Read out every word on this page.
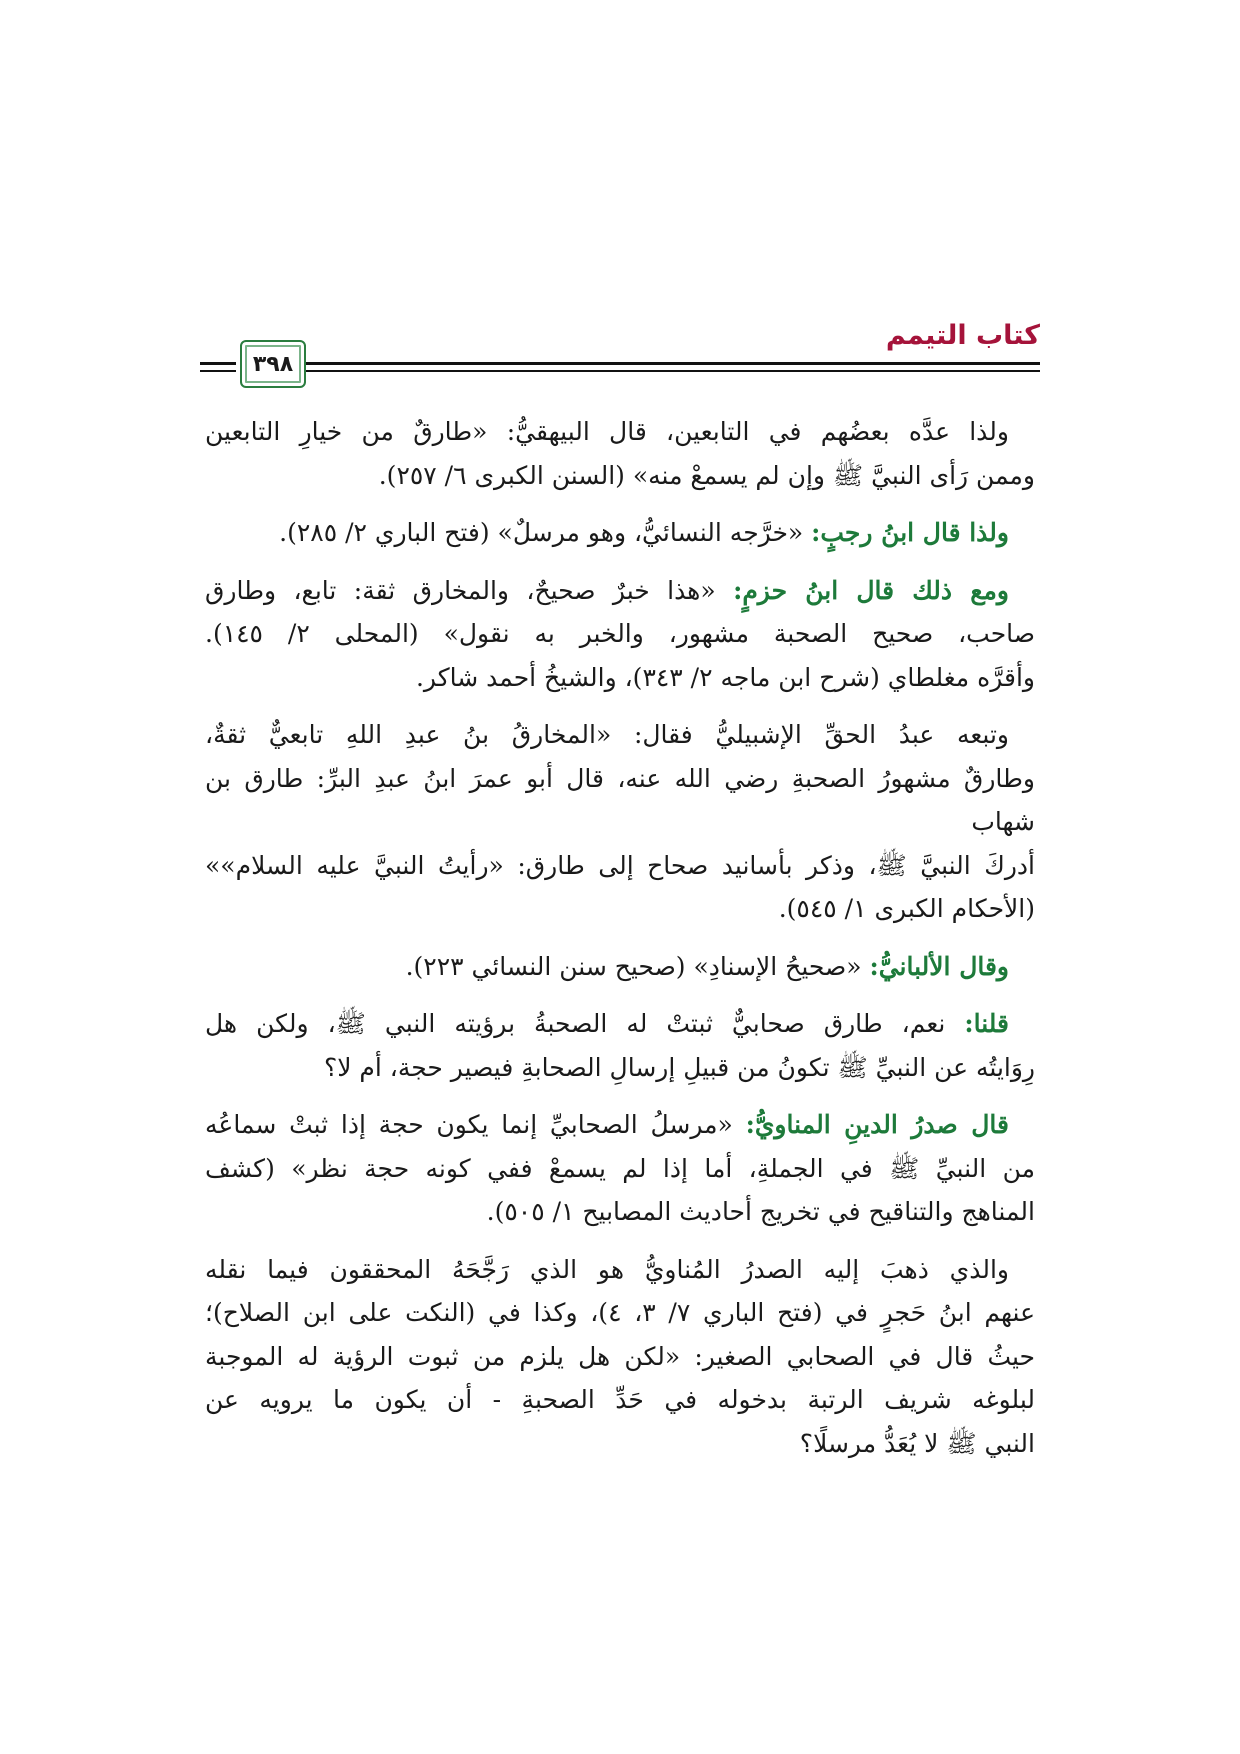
كتاب التيمم
٣٩٨

ولذا عدَّه بعضُهم في التابعين، قال البيهقيُّ: «طارقٌ من خيارِ التابعين
وممن رَأى النبيَّ ﷺ وإن لم يسمعْ منه» (السنن الكبرى ٦/ ٢٥٧).

ولذا قال ابنُ رجبٍ: «خرَّجه النسائيُّ، وهو مرسلٌ» (فتح الباري ٢/ ٢٨٥).

ومع ذلك قال ابنُ حزمٍ: «هذا خبرٌ صحيحٌ، والمخارق ثقة: تابع، وطارق
صاحب، صحيح الصحبة مشهور، والخبر به نقول» (المحلى ٢/ ١٤٥).
وأقرَّه مغلطاي (شرح ابن ماجه ٢/ ٣٤٣)، والشيخُ أحمد شاكر.

وتبعه عبدُ الحقِّ الإشبيليُّ فقال: «المخارقُ بنُ عبدِ اللهِ تابعيٌّ ثقةٌ،
وطارقٌ مشهورُ الصحبةِ رضي الله عنه، قال أبو عمرَ ابنُ عبدِ البرِّ: طارق بن شهاب
أدركَ النبيَّ ﷺ، وذكر بأسانيد صحاح إلى طارق: «رأيتُ النبيَّ عليه السلام»»
(الأحكام الكبرى ١/ ٥٤٥).

وقال الألبانيُّ: «صحيحُ الإسنادِ» (صحيح سنن النسائي ٢٢٣).

قلنا: نعم، طارق صحابيٌّ ثبتتْ له الصحبةُ برؤيته النبي ﷺ، ولكن هل
رِوَايتُه عن النبيِّ ﷺ تكونُ من قبيلِ إرسالِ الصحابةِ فيصير حجة، أم لا؟

قال صدرُ الدينِ المناويُّ: «مرسلُ الصحابيِّ إنما يكون حجة إذا ثبتْ سماعُه
من النبيِّ ﷺ في الجملةِ، أما إذا لم يسمعْ ففي كونه حجة نظر» (كشف
المناهج والتناقيح في تخريج أحاديث المصابيح ١/ ٥٠٥).

والذي ذهبَ إليه الصدرُ المُناويُّ هو الذي رَجَّحَهُ المحققون فيما نقله
عنهم ابنُ حَجرٍ في (فتح الباري ٧/ ٣، ٤)، وكذا في (النكت على ابن الصلاح)؛
حيثُ قال في الصحابي الصغير: «لكن هل يلزم من ثبوت الرؤية له الموجبة
لبلوغه شريف الرتبة بدخوله في حَدِّ الصحبةِ - أن يكون ما يرويه عن
النبي ﷺ لا يُعَدُّ مرسلًا؟
